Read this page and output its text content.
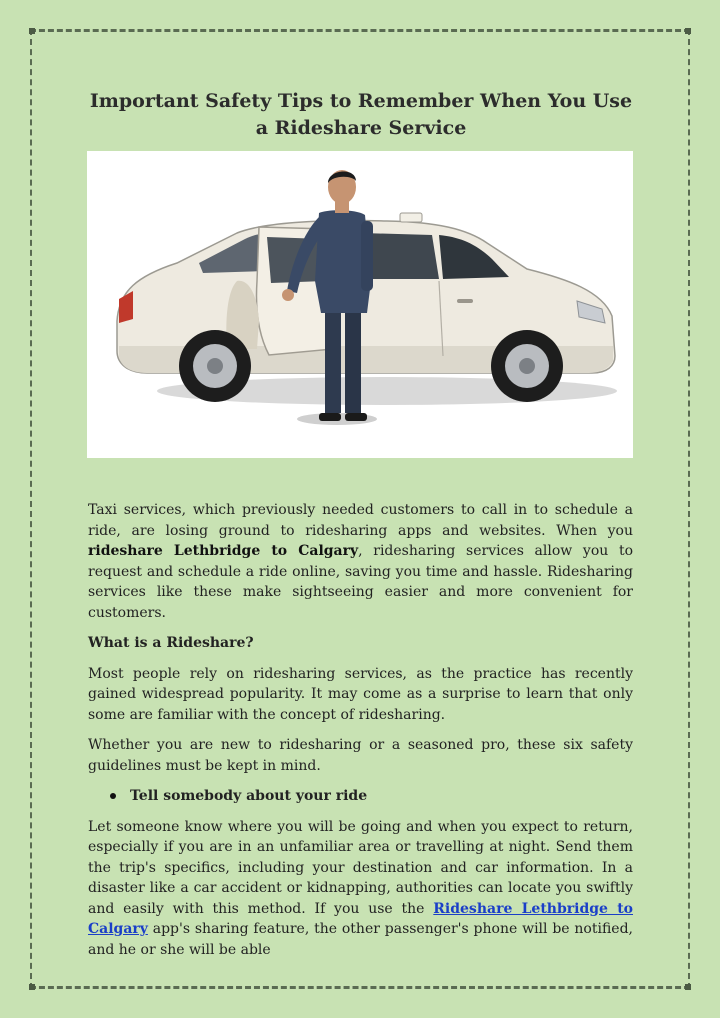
Important Safety Tips to Remember When You Use a Rideshare Service

Taxi services, which previously needed customers to call in to schedule a ride, are losing ground to ridesharing apps and websites. When you rideshare Lethbridge to Calgary, ridesharing services allow you to request and schedule a ride online, saving you time and hassle. Ridesharing services like these make sightseeing easier and more convenient for customers.

What is a Rideshare?

Most people rely on ridesharing services, as the practice has recently gained widespread popularity. It may come as a surprise to learn that only some are familiar with the concept of ridesharing.

Whether you are new to ridesharing or a seasoned pro, these six safety guidelines must be kept in mind.

Tell somebody about your ride

Let someone know where you will be going and when you expect to return, especially if you are in an unfamiliar area or travelling at night. Send them the trip's specifics, including your destination and car information. In a disaster like a car accident or kidnapping, authorities can locate you swiftly and easily with this method. If you use the Rideshare Lethbridge to Calgary app's sharing feature, the other passenger's phone will be notified, and he or she will be able
